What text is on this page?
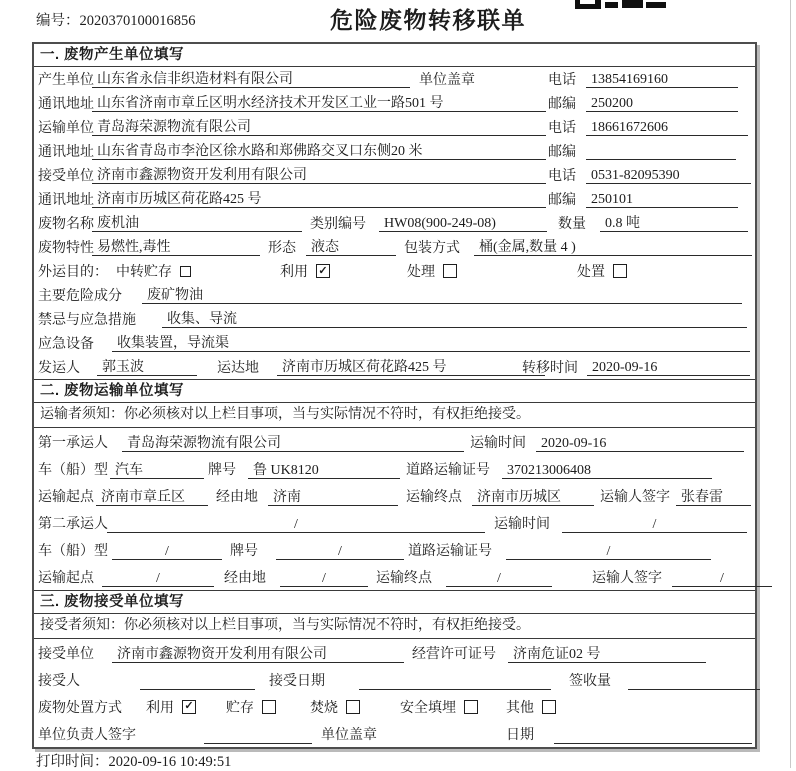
编号：2020370100016856	危险废物转移联单
一. 废物产生单位填写
产生单位 山东省永信非织造材料有限公司	单位盖章	电话	13854169160
通讯地址 山东省济南市章丘区明水经济技术开发区工业一路501 号	邮编	250200
运输单位 青岛海荣源物流有限公司	电话	18661672606
通讯地址 山东省青岛市李沧区徐水路和郑佛路交叉口东侧20 米	邮编
接受单位 济南市鑫源物资开发利用有限公司	电话	0531-82095390
通讯地址 济南市历城区荷花路425 号	邮编	250101
废物名称 废机油	类别编号	HW08(900-249-08)	数量	0.8 吨
废物特性 易燃性,毒性	形态	液态	包装方式	桶(金属,数量 4 )
外运目的： 中转贮存	利用 ✓	处理	处置
主要危险成分	废矿物油
禁忌与应急措施	收集、导流
应急设备	收集装置，导流渠
发运人	郭玉波	运达地	济南市历城区荷花路425 号	转移时间	2020-09-16
二. 废物运输单位填写
运输者须知：你必须核对以上栏目事项，当与实际情况不符时，有权拒绝接受。
第一承运人	青岛海荣源物流有限公司	运输时间	2020-09-16
车（船）型 汽车	牌号	鲁 UK8120	道路运输证号	370213006408
运输起点 济南市章丘区	经由地	济南	运输终点	济南市历城区	运输人签字 张春雷
第二承运人	/	运输时间	/
车（船）型	/	牌号	/	道路运输证号	/
运输起点	/	经由地	/	运输终点	/	运输人签字	/
三. 废物接受单位填写
接受者须知：你必须核对以上栏目事项，当与实际情况不符时，有权拒绝接受。
接受单位	济南市鑫源物资开发利用有限公司	经营许可证号	济南危证02 号
接受人	接受日期	签收量
废物处置方式 利用 ✓ 贮存	焚烧	安全填埋	其他
单位负责人签字	单位盖章	日期
打印时间：2020-09-16 10:49:51
